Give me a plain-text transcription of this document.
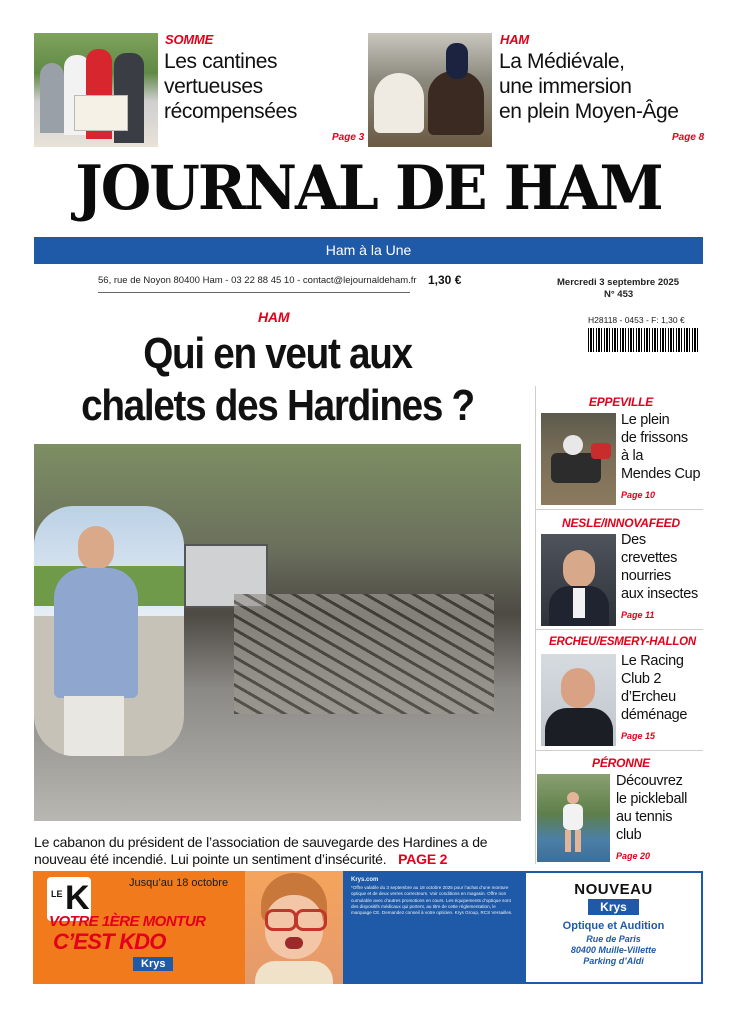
SOMME
Les cantines
vertueuses
récompensées
Page 3
HAM
La Médiévale,
une immersion
en plein Moyen-Âge
Page 8
JOURNAL DE HAM
Ham à la Une
56, rue de Noyon 80400 Ham - 03 22 88 45 10 - contact@lejournaldeham.fr 1,30 €	Mercredi 3 septembre 2025
N° 453
H28118 - 0453 - F: 1,30 €
HAM
Qui en veut aux
chalets des Hardines ?
Le cabanon du président de l’association de sauvegarde des Hardines a de nouveau été incendié. Lui pointe un sentiment d’insécurité. PAGE 2
EPPEVILLE
Le plein
de frissons
à la
Mendes Cup
Page 10
NESLE/INNOVAFEED
Des
crevettes
nourries
aux insectes
Page 11
ERCHEU/ESMERY-HALLON
Le Racing
Club 2
d’Ercheu
déménage
Page 15
PÉRONNE
Découvrez
le pickleball
au tennis
club
Page 20
LE K	Jusqu’au 18 octobre
VOTRE 1ÈRE MONTUR
C’EST KDO
Krys
Krys.com
*Offre valable du 3 septembre au 18 octobre 2025 pour l’achat d’une monture optique et de deux verres correcteurs. Voir conditions en magasin. Offre non cumulable avec d’autres promotions en cours. Les équipements d’optique sont des dispositifs médicaux qui portent, au titre de cette réglementation, le marquage CE. Demandez conseil à votre opticien. Krys Group, RCS Versailles.
NOUVEAU
Krys
Optique et Audition
Rue de Paris
80400 Muille-Villette
Parking d’Aldi
